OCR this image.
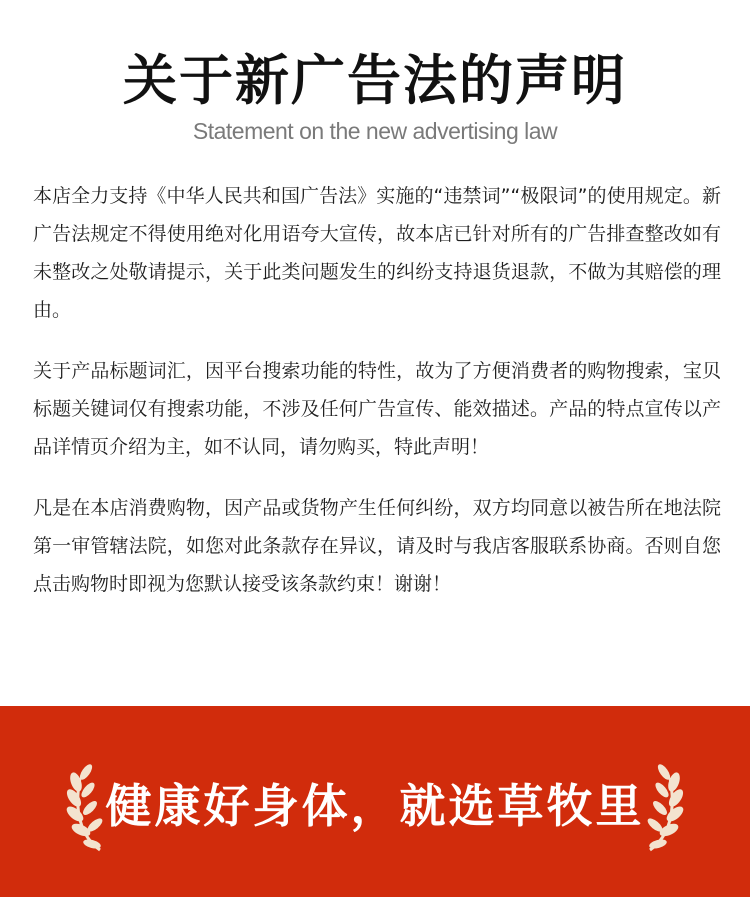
关于新广告法的声明
Statement on the new advertising law

本店全力支持《中华人民共和国广告法》实施的“违禁词”“极限词”的使用规定。新广告法规定不得使用绝对化用语夸大宣传，故本店已针对所有的广告排查整改如有未整改之处敬请提示，关于此类问题发生的纠纷支持退货退款，不做为其赔偿的理由。

关于产品标题词汇，因平台搜索功能的特性，故为了方便消费者的购物搜索，宝贝标题关键词仅有搜索功能，不涉及任何广告宣传、能效描述。产品的特点宣传以产品详情页介绍为主，如不认同，请勿购买，特此声明！

凡是在本店消费购物，因产品或货物产生任何纠纷，双方均同意以被告所在地法院第一审管辖法院，如您对此条款存在异议，请及时与我店客服联系协商。否则自您点击购物时即视为您默认接受该条款约束！谢谢！

健康好身体，就选草牧里
